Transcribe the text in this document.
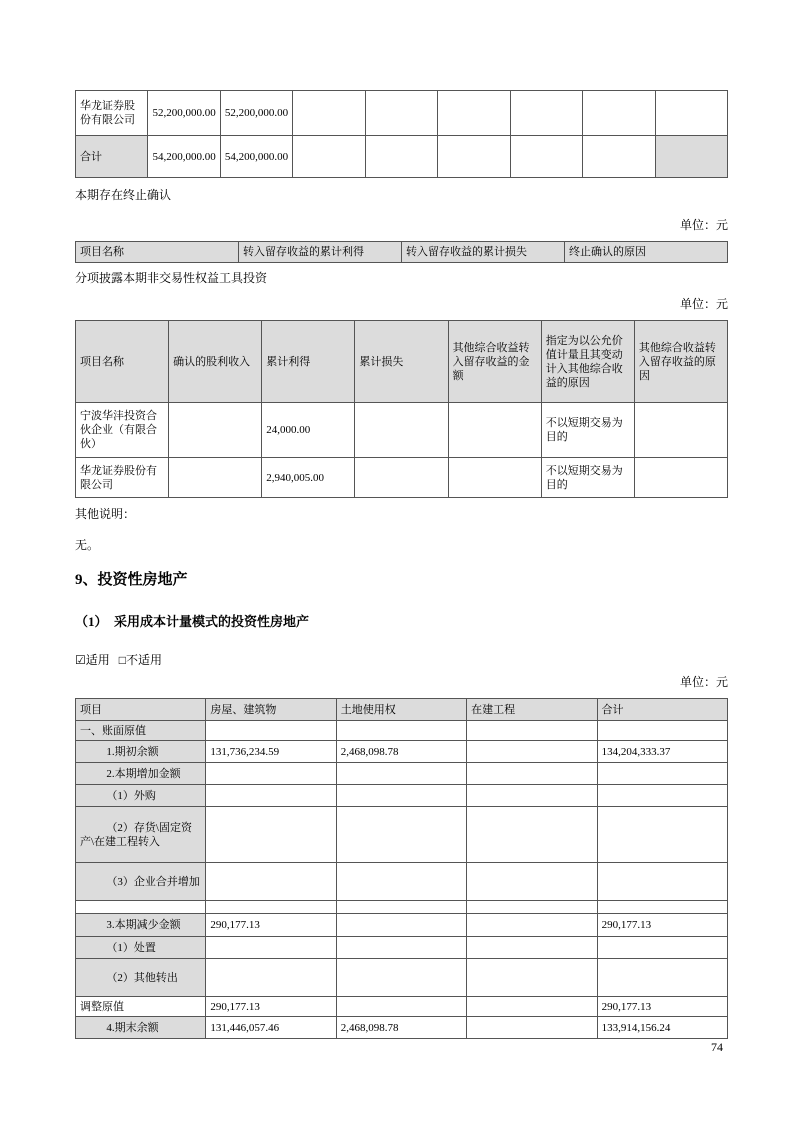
华龙证券股份有限公司	52,200,000.00	52,200,000.00						
合计	54,200,000.00	54,200,000.00						

本期存在终止确认

单位：元

项目名称	转入留存收益的累计利得	转入留存收益的累计损失	终止确认的原因

分项披露本期非交易性权益工具投资

单位：元

项目名称	确认的股利收入	累计利得	累计损失	其他综合收益转入留存收益的金额	指定为以公允价值计量且其变动计入其他综合收益的原因	其他综合收益转入留存收益的原因
宁波华沣投资合伙企业（有限合伙）		24,000.00			不以短期交易为目的	
华龙证券股份有限公司		2,940,005.00			不以短期交易为目的	

其他说明：

无。

9、投资性房地产
（1）  采用成本计量模式的投资性房地产

☑适用 □不适用

单位：元

项目	房屋、建筑物	土地使用权	在建工程	合计
一、账面原值				
1.期初余额	131,736,234.59	2,468,098.78		134,204,333.37
2.本期增加金额				
（1）外购				
（2）存货\固定资产\在建工程转入				
（3）企业合并增加				

3.本期减少金额	290,177.13			290,177.13
（1）处置				
（2）其他转出				
调整原值	290,177.13			290,177.13
4.期末余额	131,446,057.46	2,468,098.78		133,914,156.24
74
